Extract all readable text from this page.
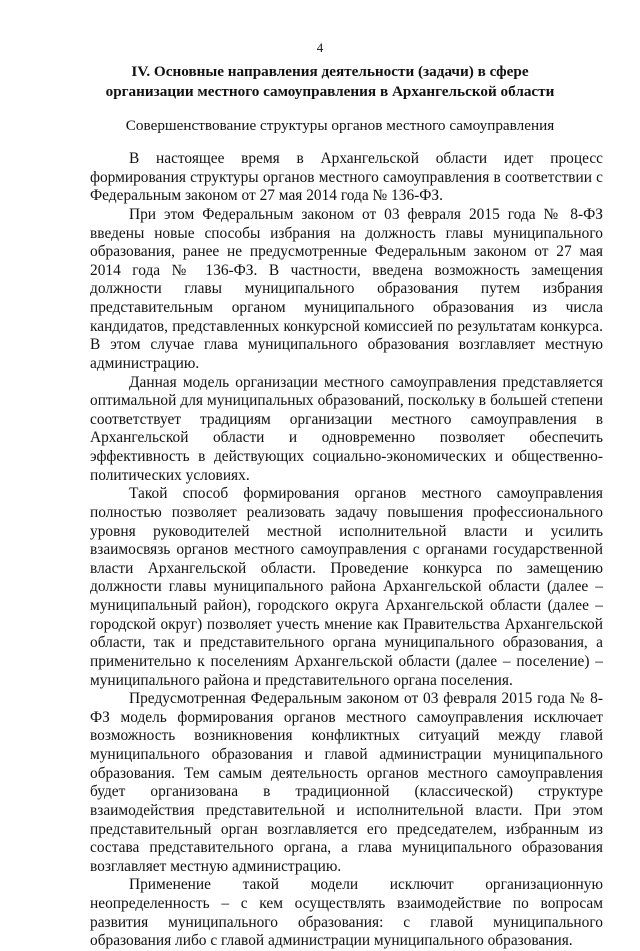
4
IV. Основные направления деятельности (задачи) в сфере организации местного самоуправления в Архангельской области
Совершенствование структуры органов местного самоуправления

В настоящее время в Архангельской области идет процесс формирования структуры органов местного самоуправления в соответствии с Федеральным законом от 27 мая 2014 года № 136-ФЗ.

При этом Федеральным законом от 03 февраля 2015 года № 8-ФЗ введены новые способы избрания на должность главы муниципального образования, ранее не предусмотренные Федеральным законом от 27 мая 2014 года № 136-ФЗ. В частности, введена возможность замещения должности главы муниципального образования путем избрания представительным органом муниципального образования из числа кандидатов, представленных конкурсной комиссией по результатам конкурса. В этом случае глава муниципального образования возглавляет местную администрацию.

Данная модель организации местного самоуправления представляется оптимальной для муниципальных образований, поскольку в большей степени соответствует традициям организации местного самоуправления в Архангельской области и одновременно позволяет обеспечить эффективность в действующих социально-экономических и общественно-политических условиях.

Такой способ формирования органов местного самоуправления полностью позволяет реализовать задачу повышения профессионального уровня руководителей местной исполнительной власти и усилить взаимосвязь органов местного самоуправления с органами государственной власти Архангельской области. Проведение конкурса по замещению должности главы муниципального района Архангельской области (далее – муниципальный район), городского округа Архангельской области (далее – городской округ) позволяет учесть мнение как Правительства Архангельской области, так и представительного органа муниципального образования, а применительно к поселениям Архангельской области (далее – поселение) – муниципального района и представительного органа поселения.

Предусмотренная Федеральным законом от 03 февраля 2015 года № 8-ФЗ модель формирования органов местного самоуправления исключает возможность возникновения конфликтных ситуаций между главой муниципального образования и главой администрации муниципального образования. Тем самым деятельность органов местного самоуправления будет организована в традиционной (классической) структуре взаимодействия представительной и исполнительной власти. При этом представительный орган возглавляется его председателем, избранным из состава представительного органа, а глава муниципального образования возглавляет местную администрацию.

Применение такой модели исключит организационную неопределенность – с кем осуществлять взаимодействие по вопросам развития муниципального образования: с главой муниципального образования либо с главой администрации муниципального образования.
